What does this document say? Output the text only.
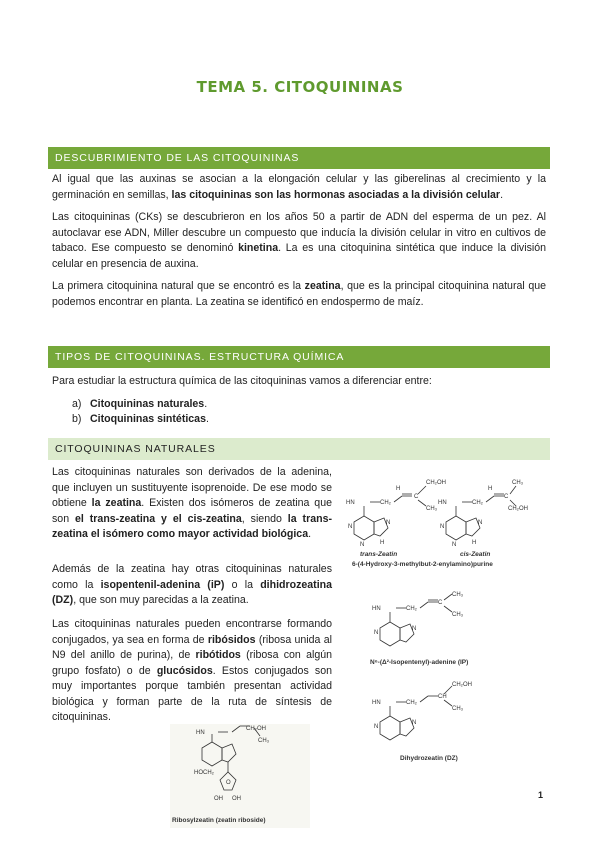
TEMA 5. CITOQUININAS
DESCUBRIMIENTO DE LAS CITOQUININAS

Al igual que las auxinas se asocian a la elongación celular y las giberelinas al crecimiento y la germinación en semillas, las citoquininas son las hormonas asociadas a la división celular.

Las citoquininas (CKs) se descubrieron en los años 50 a partir de ADN del esperma de un pez. Al autoclavar ese ADN, Miller descubre un compuesto que inducía la división celular in vitro en cultivos de tabaco. Ese compuesto se denominó kinetina. La es una citoquinina sintética que induce la división celular en presencia de auxina.

La primera citoquinina natural que se encontró es la zeatina, que es la principal citoquinina natural que podemos encontrar en planta. La zeatina se identificó en endospermo de maíz.

TIPOS DE CITOQUININAS. ESTRUCTURA QUÍMICA

Para estudiar la estructura química de las citoquininas vamos a diferenciar entre:

a) Citoquininas naturales.
b) Citoquininas sintéticas.
CITOQUININAS NATURALES

Las citoquininas naturales son derivados de la adenina, que incluyen un sustituyente isoprenoide. De ese modo se obtiene la zeatina. Existen dos isómeros de zeatina que son el trans-zeatina y el cis-zeatina, siendo la trans-zeatina el isómero como mayor actividad biológica.

Además de la zeatina hay otras citoquininas naturales como la isopentenil-adenina (iP) o la dihidrozeatina (DZ), que son muy parecidas a la zeatina.

Las citoquininas naturales pueden encontrarse formando conjugados, ya sea en forma de ribósidos (ribosa unida al N9 del anillo de purina), de ribótidos (ribosa con algún grupo fosfato) o de glucósidos. Estos conjugados son muy importantes porque también presentan actividad biológica y forman parte de la ruta de síntesis de citoquininas.

HN	CH₂
H
C
CH₂OH
CH₃
N
N
N	H
HN	CH₂
H
C
CH₃
CH₂OH
N
N
N	H
trans-Zeatin	cis-Zeatin
6-(4-Hydroxy-3-methylbut-2-enylamino)purine
HN	CH₂
C
CH₃
CH₃
N
N
N⁶-(Δ²-Isopentenyl)-adenine (IP)
HN	CH₂
CH
CH₂OH
CH₃
N
N
Dihydrozeatin (DZ)
HN
CH₂OH
CH₃
HOCH₂
O
OH OH
Ribosylzeatin (zeatin riboside)
1
